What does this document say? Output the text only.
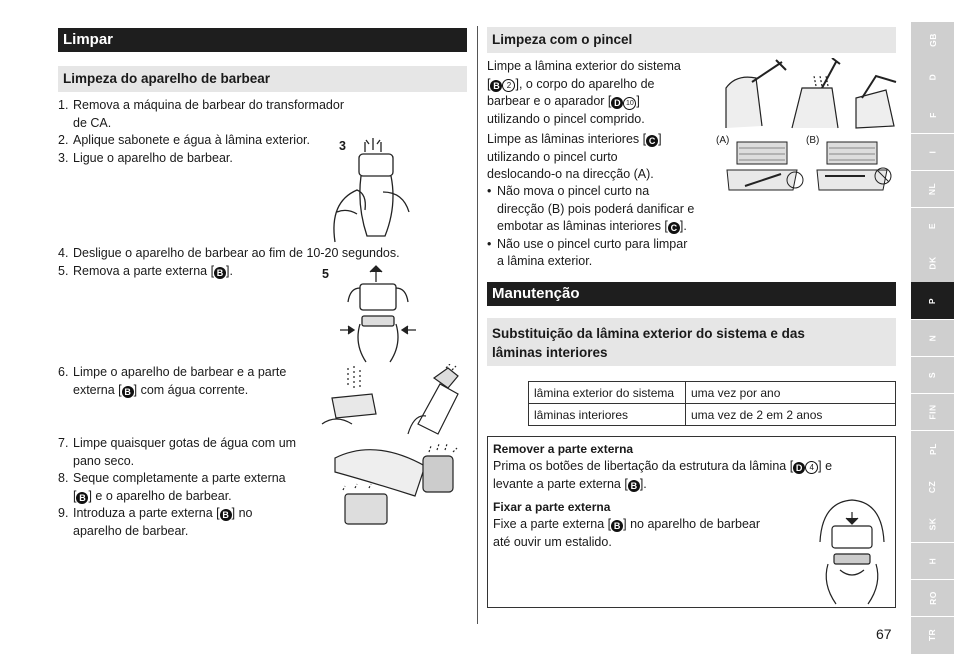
Limpar
Limpeza do aparelho de barbear
1. Remova a máquina de barbear do transformador de CA.
2. Aplique sabonete e água à lâmina exterior.
3. Ligue o aparelho de barbear.
4. Desligue o aparelho de barbear ao fim de 10-20 segundos.
5. Remova a parte externa [ B ].
6. Limpe o aparelho de barbear e a parte
externa [ B ] com água corrente.
7. Limpe quaisquer gotas de água com um
pano seco.
8. Seque completamente a parte externa
[ B ] e o aparelho de barbear.
9. Introduza a parte externa [ B ] no
aparelho de barbear.
3
5
Limpeza com o pincel
Limpe a lâmina exterior do sistema
[ B 2 ], o corpo do aparelho de
barbear e o aparador [ D 10 ]
utilizando o pincel comprido.
Limpe as lâminas interiores [ C ]
utilizando o pincel curto
deslocando-o na direcção (A).
• Não mova o pincel curto na
direcção (B) pois poderá danificar e
embotar as lâminas interiores [ C ].
• Não use o pincel curto para limpar
a lâmina exterior.
(A)	(B)
Manutenção
Substituição da lâmina exterior do sistema e das
lâminas interiores
lâmina exterior do sistema	uma vez por ano
lâminas interiores	uma vez de 2 em 2 anos
Remover a parte externa
Prima os botões de libertação da estrutura da lâmina [ D 4 ] e
levante a parte externa [ B ].
Fixar a parte externa
Fixe a parte externa [ B ] no aparelho de barbear
até ouvir um estalido.
67
GB
D
F
I
NL
E
DK
P
N
S
FIN
PL
CZ
SK
H
RO
TR
